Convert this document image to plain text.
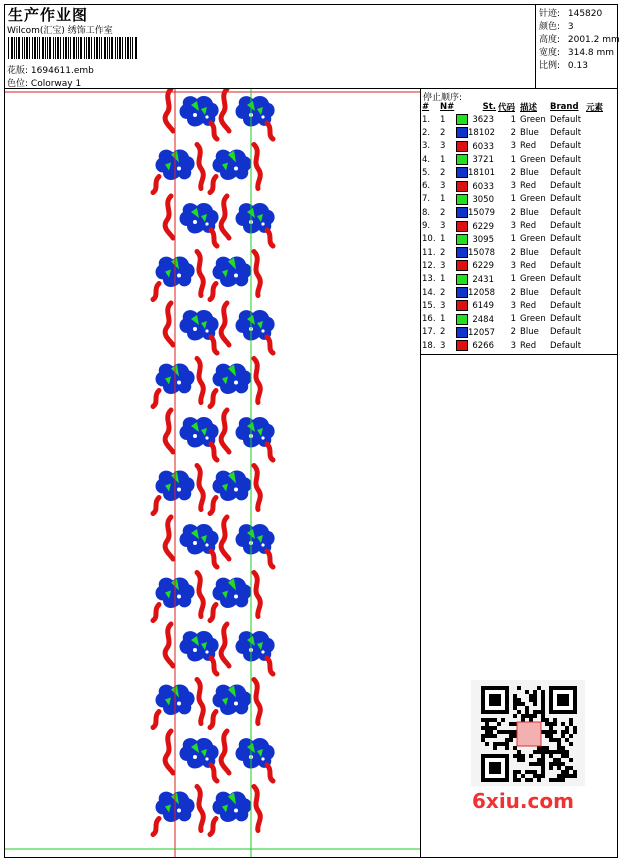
生产作业图
Wilcom(汇宝) 绣饰工作室
花版: 1694611.emb
色位: Colorway 1
针迹: 145820
颜色: 3
高度: 2001.2 mm
宽度: 314.8 mm
比例: 0.13
停止顺序:
#	N#	St.	代码	描述	Brand	元素
1.	1	3623	1	Green	Default	
2.	2	18102	2	Blue	Default	
3.	3	6033	3	Red	Default	
4.	1	3721	1	Green	Default	
5.	2	18101	2	Blue	Default	
6.	3	6033	3	Red	Default	
7.	1	3050	1	Green	Default	
8.	2	15079	2	Blue	Default	
9.	3	6229	3	Red	Default	
10.	1	3095	1	Green	Default	
11.	2	15078	2	Blue	Default	
12.	3	6229	3	Red	Default	
13.	1	2431	1	Green	Default	
14.	2	12058	2	Blue	Default	
15.	3	6149	3	Red	Default	
16.	1	2484	1	Green	Default	
17.	2	12057	2	Blue	Default	
18.	3	6266	3	Red	Default	
6xiu.com
